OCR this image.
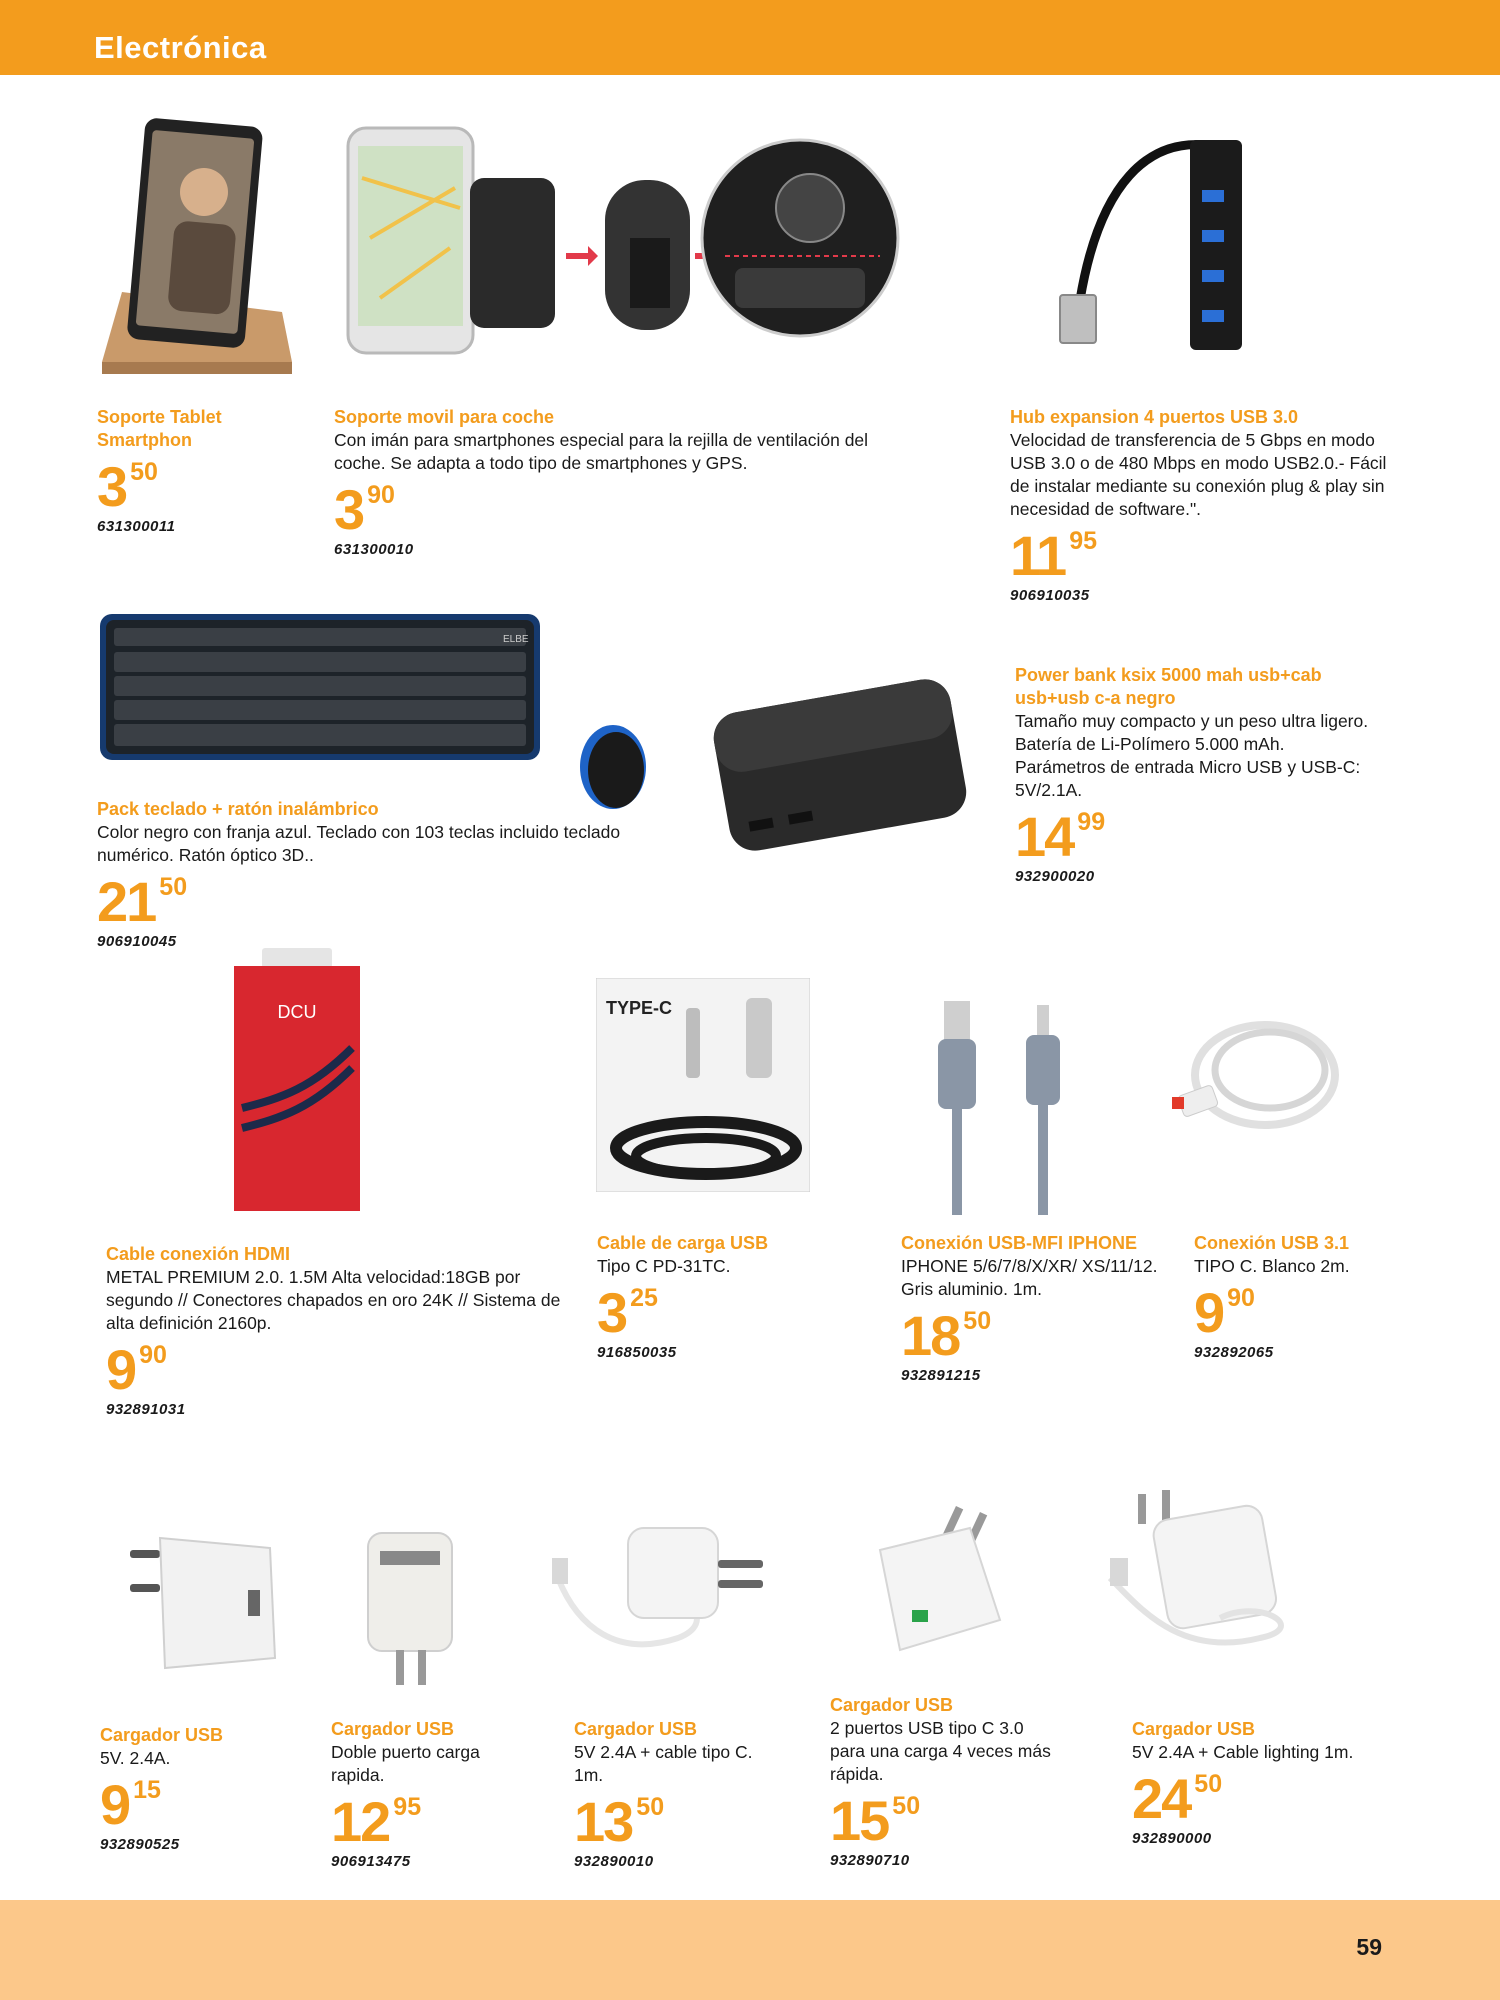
Electrónica
ELBE
DCU	TYPE-C
Soporte Tablet Smartphon
3 50
631300011
Soporte movil para coche
Con imán para smartphones especial para la rejilla de ventilación del coche. Se adapta a todo tipo de smartphones y GPS.
3 90
631300010
Hub expansion 4 puertos USB 3.0
Velocidad de transferencia de 5 Gbps en modo USB 3.0 o de 480 Mbps en modo USB2.0.- Fácil de instalar mediante su conexión plug & play sin necesidad de software.".
11 95
906910035
Pack teclado + ratón inalámbrico
Color negro con franja azul. Teclado con 103 teclas incluido teclado numérico. Ratón óptico 3D..
21 50
906910045
Power bank ksix 5000 mah usb+cab usb+usb c-a negro
Tamaño muy compacto y un peso ultra ligero. Batería de Li-Polímero 5.000 mAh. Parámetros de entrada Micro USB y USB-C: 5V/2.1A.
14 99
932900020
Cable conexión HDMI
METAL PREMIUM 2.0. 1.5M Alta velocidad:18GB por segundo // Conectores chapados en oro 24K // Sistema de alta definición 2160p.
9 90
932891031
Cable de carga USB
Tipo C PD-31TC.
3 25
916850035
Conexión USB-MFI IPHONE
IPHONE 5/6/7/8/X/XR/ XS/11/12. Gris aluminio. 1m.
18 50
932891215
Conexión USB 3.1
TIPO C. Blanco 2m.
9 90
932892065
Cargador USB
5V. 2.4A.
9 15
932890525
Cargador USB
Doble puerto carga rapida.
12 95
906913475
Cargador USB
5V 2.4A + cable tipo C. 1m.
13 50
932890010
Cargador USB
2 puertos USB tipo C 3.0 para una carga 4 veces más rápida.
15 50
932890710
Cargador USB
5V 2.4A + Cable lighting 1m.
24 50
932890000
59
